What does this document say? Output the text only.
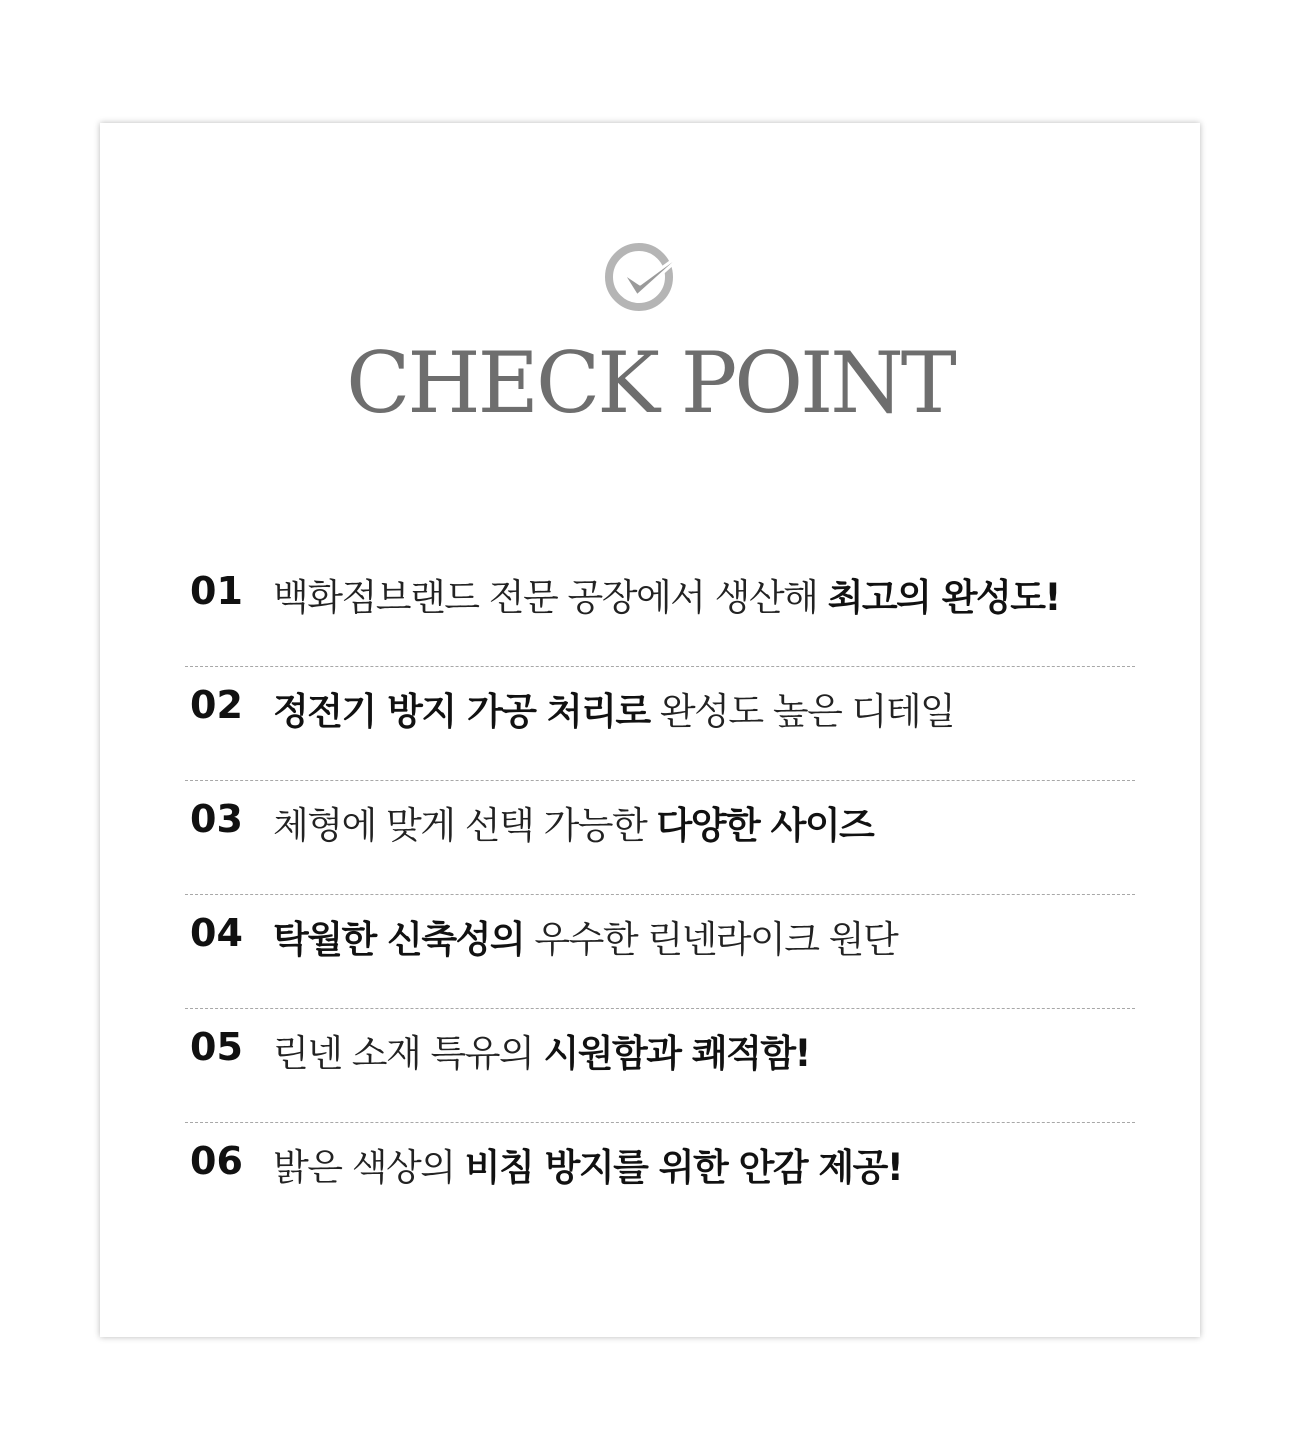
CHECK POINT
01 백화점브랜드 전문 공장에서 생산해 최고의 완성도!
02 정전기 방지 가공 처리로 완성도 높은 디테일
03 체형에 맞게 선택 가능한 다양한 사이즈
04 탁월한 신축성의 우수한 린넨라이크 원단
05 린넨 소재 특유의 시원함과 쾌적함!
06 밝은 색상의 비침 방지를 위한 안감 제공!
